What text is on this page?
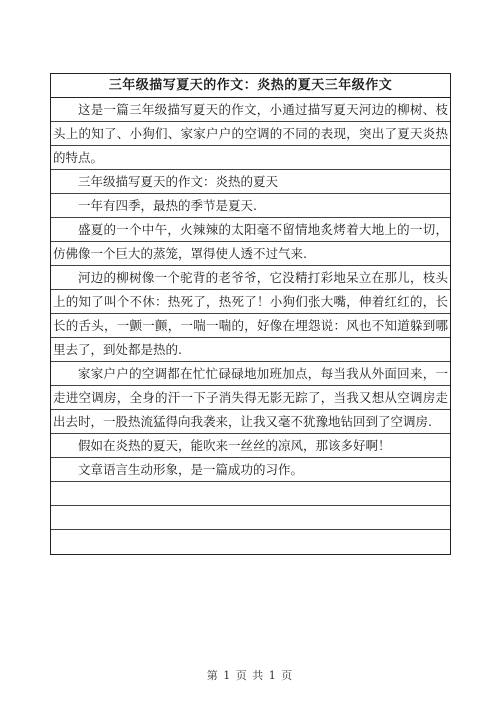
三年级描写夏天的作文：炎热的夏天三年级作文
这是一篇三年级描写夏天的作文，小通过描写夏天河边的柳树、枝头上的知了、小狗们、家家户户的空调的不同的表现，突出了夏天炎热的特点。
三年级描写夏天的作文：炎热的夏天
一年有四季，最热的季节是夏天.
盛夏的一个中午，火辣辣的太阳毫不留情地炙烤着大地上的一切，仿佛像一个巨大的蒸笼，罩得使人透不过气来.
河边的柳树像一个驼背的老爷爷，它没精打彩地呆立在那儿，枝头上的知了叫个不休：热死了，热死了！小狗们张大嘴，伸着红红的，长长的舌头，一颤一颤，一喘一喘的，好像在埋怨说：风也不知道躲到哪里去了，到处都是热的.
家家户户的空调都在忙忙碌碌地加班加点，每当我从外面回来，一走进空调房，全身的汗一下子消失得无影无踪了，当我又想从空调房走出去时，一股热流猛得向我袭来，让我又毫不犹豫地钻回到了空调房.
假如在炎热的夏天，能吹来一丝丝的凉风，那该多好啊！
文章语言生动形象，是一篇成功的习作。
第 1 页 共 1 页
